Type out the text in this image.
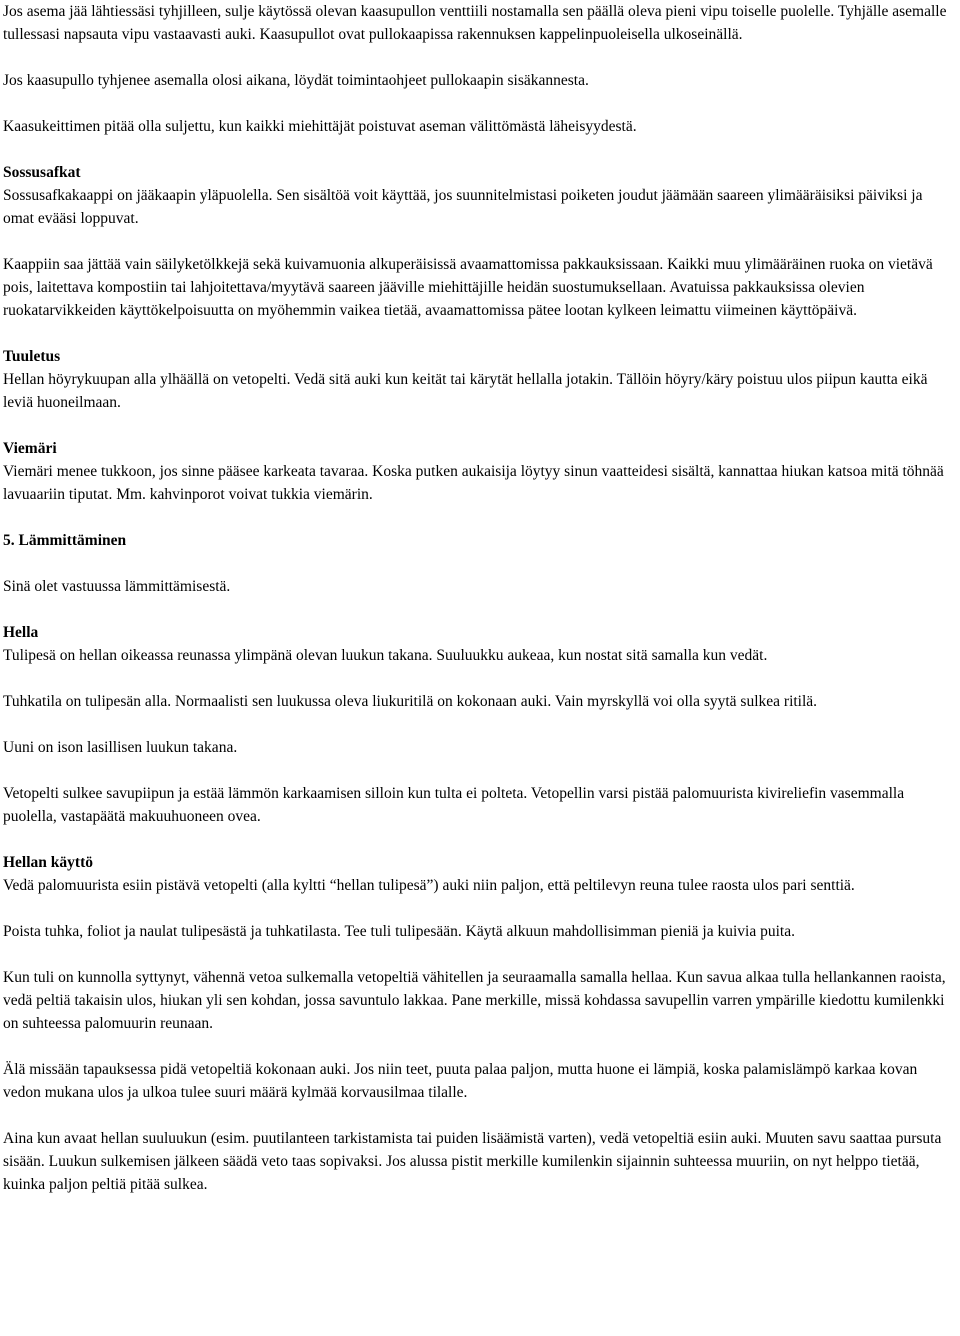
Jos asema jää lähtiessäsi tyhjilleen, sulje käytössä olevan kaasupullon venttiili nostamalla sen päällä oleva pieni vipu toiselle puolelle. Tyhjälle asemalle tullessasi napsauta vipu vastaavasti auki. Kaasupullot ovat pullokaapissa rakennuksen kappelinpuoleisella ulkoseinällä.

Jos kaasupullo tyhjenee asemalla olosi aikana, löydät toimintaohjeet pullokaapin sisäkannesta.

Kaasukeittimen pitää olla suljettu, kun kaikki miehittäjät poistuvat aseman välittömästä läheisyydestä.

Sossusafkat

Sossusafkakaappi on jääkaapin yläpuolella. Sen sisältöä voit käyttää, jos suunnitelmistasi poiketen joudut jäämään saareen ylimääräisiksi päiviksi ja omat evääsi loppuvat.

Kaappiin saa jättää vain säilyketölkkejä sekä kuivamuonia alkuperäisissä avaamattomissa pakkauksissaan. Kaikki muu ylimääräinen ruoka on vietävä pois, laitettava kompostiin tai lahjoitettava/myytävä saareen jääville miehittäjille heidän suostumuksellaan. Avatuissa pakkauksissa olevien ruokatarvikkeiden käyttökelpoisuutta on myöhemmin vaikea tietää, avaamattomissa pätee lootan kylkeen leimattu viimeinen käyttöpäivä.

Tuuletus

Hellan höyrykuupan alla ylhäällä on vetopelti. Vedä sitä auki kun keität tai kärytät hellalla jotakin. Tällöin höyry/käry poistuu ulos piipun kautta eikä leviä huoneilmaan.

Viemäri

Viemäri menee tukkoon, jos sinne pääsee karkeata tavaraa. Koska putken aukaisija löytyy sinun vaatteidesi sisältä, kannattaa hiukan katsoa mitä töhnää lavuaariin tiputat. Mm. kahvinporot voivat tukkia viemärin.

5. Lämmittäminen

Sinä olet vastuussa lämmittämisestä.

Hella

Tulipesä on hellan oikeassa reunassa ylimpänä olevan luukun takana. Suuluukku aukeaa, kun nostat sitä samalla kun vedät.

Tuhkatila on tulipesän alla. Normaalisti sen luukussa oleva liukuritilä on kokonaan auki. Vain myrskyllä voi olla syytä sulkea ritilä.

Uuni on ison lasillisen luukun takana.

Vetopelti sulkee savupiipun ja estää lämmön karkaamisen silloin kun tulta ei polteta. Vetopellin varsi pistää palomuurista kivireliefin vasemmalla puolella, vastapäätä makuuhuoneen ovea.

Hellan käyttö

Vedä palomuurista esiin pistävä vetopelti (alla kyltti “hellan tulipesä”) auki niin paljon, että peltilevyn reuna tulee raosta ulos pari senttiä.

Poista tuhka, foliot ja naulat tulipesästä ja tuhkatilasta. Tee tuli tulipesään. Käytä alkuun mahdollisimman pieniä ja kuivia puita.

Kun tuli on kunnolla syttynyt, vähennä vetoa sulkemalla vetopeltiä vähitellen ja seuraamalla samalla hellaa. Kun savua alkaa tulla hellankannen raoista, vedä peltiä takaisin ulos, hiukan yli sen kohdan, jossa savuntulo lakkaa. Pane merkille, missä kohdassa savupellin varren ympärille kiedottu kumilenkki on suhteessa palomuurin reunaan.

Älä missään tapauksessa pidä vetopeltiä kokonaan auki. Jos niin teet, puuta palaa paljon, mutta huone ei lämpiä, koska palamislämpö karkaa kovan vedon mukana ulos ja ulkoa tulee suuri määrä kylmää korvausilmaa tilalle.

Aina kun avaat hellan suuluukun (esim. puutilanteen tarkistamista tai puiden lisäämistä varten), vedä vetopeltiä esiin auki. Muuten savu saattaa pursuta sisään. Luukun sulkemisen jälkeen säädä veto taas sopivaksi. Jos alussa pistit merkille kumilenkin sijainnin suhteessa muuriin, on nyt helppo tietää, kuinka paljon peltiä pitää sulkea.
